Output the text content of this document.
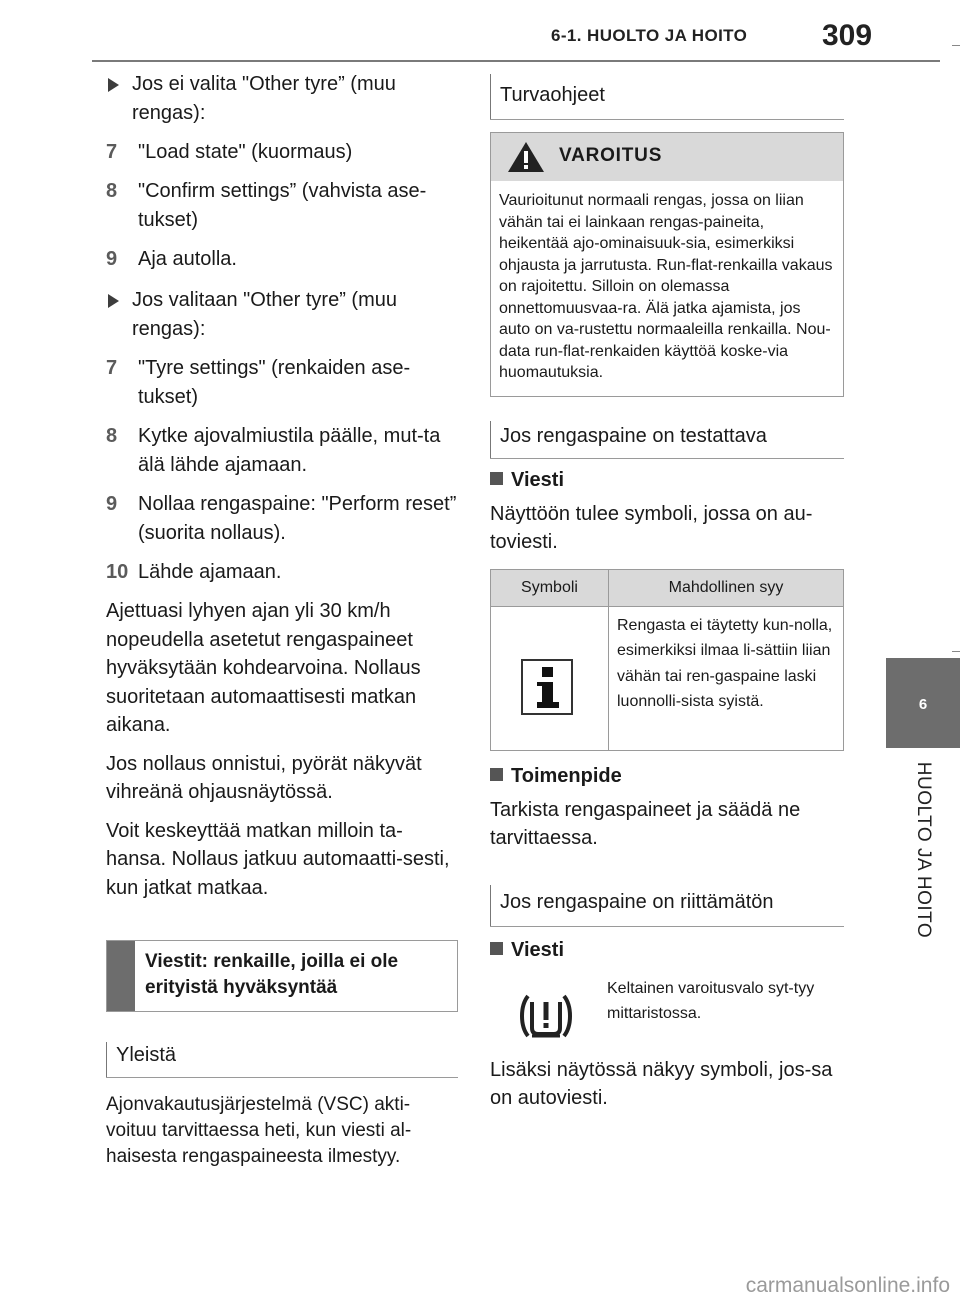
6-1. HUOLTO JA HOITO 309
6
HUOLTO JA HOITO
Jos ei valita "Other tyre” (muu rengas):
7 "Load state" (kuormaus)
8 "Confirm settings” (vahvista ase-tukset)
9 Aja autolla.
Jos valitaan "Other tyre” (muu rengas):
7 "Tyre settings" (renkaiden ase-tukset)
8 Kytke ajovalmiustila päälle, mut-ta älä lähde ajamaan.
9 Nollaa rengaspaine: "Perform reset” (suorita nollaus).
10 Lähde ajamaan.
Ajettuasi lyhyen ajan yli 30 km/h nopeudella asetetut rengaspaineet hyväksytään kohdearvoina. Nollaus suoritetaan automaattisesti matkan aikana.
Jos nollaus onnistui, pyörät näkyvät vihreänä ohjausnäytössä.
Voit keskeyttää matkan milloin ta-hansa. Nollaus jatkuu automaatti-sesti, kun jatkat matkaa.
Viestit: renkaille, joilla ei ole erityistä hyväksyntää
Yleistä
Ajonvakautusjärjestelmä (VSC) akti-voituu tarvittaessa heti, kun viesti al-haisesta rengaspaineesta ilmestyy.
Turvaohjeet
VAROITUS
Vaurioitunut normaali rengas, jossa on liian vähän tai ei lainkaan rengas-paineita, heikentää ajo-ominaisuuk-sia, esimerkiksi ohjausta ja jarrutusta. Run-flat-renkailla vakaus on rajoitettu. Silloin on olemassa onnettomuusvaa-ra. Älä jatka ajamista, jos auto on va-rustettu normaaleilla renkailla. Nou-data run-flat-renkaiden käyttöä koske-via huomautuksia.
Jos rengaspaine on testattava
Viesti
Näyttöön tulee symboli, jossa on au-toviesti.
Symboli	Mahdollinen syy

	Rengasta ei täytetty kun-nolla, esimerkiksi ilmaa li-sättiin liian vähän tai ren-gaspaine laski luonnolli-sista syistä.
Toimenpide
Tarkista rengaspaineet ja säädä ne tarvittaessa.
Jos rengaspaine on riittämätön
Viesti
Keltainen varoitusvalo syt-tyy mittaristossa.
Lisäksi näytössä näkyy symboli, jos-sa on autoviesti.
carmanualsonline.info
